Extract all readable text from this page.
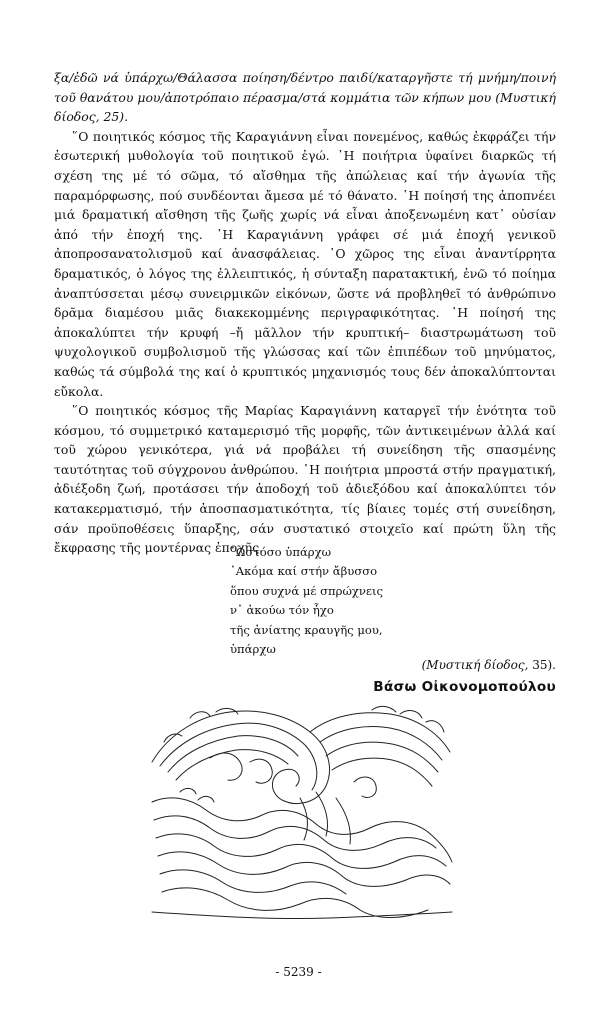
ξα/ἐδῶ νά ὑπάρχω/Θάλασσα ποίηση/δέντρο παιδί/καταργῆστε τή μνήμη/ποινή τοῦ θανάτου μου/ἀποτρόπαιο πέρασμα/στά κομμάτια τῶν κήπων μου (Μυστική δίοδος, 25).

῞Ο ποιητικός κόσμος τῆς Καραγιάννη εἶναι πονεμένος, καθώς ἐκφράζει τήν ἐσωτερική μυθολογία τοῦ ποιητικοῦ ἐγώ. ῾Η ποιήτρια ὑφαίνει διαρκῶς τή σχέση της μέ τό σῶμα, τό αἴσθημα τῆς ἀπώλειας καί τήν ἀγωνία τῆς παραμόρφωσης, πού συνδέονται ἄμεσα μέ τό θάνατο. ῾Η ποίησή της ἀποπνέει μιά δραματική αἴσθηση τῆς ζωῆς χωρίς νά εἶναι ἀποξενωμένη κατ᾽ οὐσίαν ἀπό τήν ἐποχή της. ῾Η Καραγιάννη γράφει σέ μιά ἐποχή γενικοῦ ἀποπροσανατολισμοῦ καί ἀνασφάλειας. ῾Ο χῶρος της εἶναι ἀναντίρρητα δραματικός, ὁ λόγος της ἐλλειπτικός, ἡ σύνταξη παρατακτική, ἐνῶ τό ποίημα ἀναπτύσσεται μέσῳ συνειρμικῶν εἰκόνων, ὥστε νά προβληθεῖ τό ἀνθρώπινο δρᾶμα διαμέσου μιᾶς διακεκομμένης περιγραφικότητας. ῾Η ποίησή της ἀποκαλύπτει τήν κρυφή –ἤ μᾶλλον τήν κρυπτική– διαστρωμάτωση τοῦ ψυχολογικοῦ συμβολισμοῦ τῆς γλώσσας καί τῶν ἐπιπέδων τοῦ μηνύματος, καθώς τά σύμβολά της καί ὁ κρυπτικός μηχανισμός τους δέν ἀποκαλύπτονται εὔκολα.

῞Ο ποιητικός κόσμος τῆς Μαρίας Καραγιάννη καταργεῖ τήν ἑνότητα τοῦ κόσμου, τό συμμετρικό καταμερισμό τῆς μορφῆς, τῶν ἀντικειμένων ἀλλά καί τοῦ χώρου γενικότερα, γιά νά προβάλει τή συνείδηση τῆς σπασμένης ταυτότητας τοῦ σύγχρονου ἀνθρώπου. ῾Η ποιήτρια μπροστά στήν πραγματική, ἀδιέξοδη ζωή, προτάσσει τήν ἀποδοχή τοῦ ἀδιεξόδου καί ἀποκαλύπτει τόν κατακερματισμό, τήν ἀποσπασματικότητα, τίς βίαιες τομές στή συνείδηση, σάν προϋποθέσεις ὕπαρξης, σάν συστατικό στοιχεῖο καί πρώτη ὕλη τῆς ἔκφρασης τῆς μοντέρνας ἐποχῆς.

῾Ωστόσο ὑπάρχω
᾽Ακόμα καί στήν ἄβυσσο
ὅπου συχνά μέ σπρώχνεις
ν᾽ ἀκούω τόν ἦχο
τῆς ἀνίατης κραυγῆς μου,
ὑπάρχω
(Μυστική δίοδος, 35).
Βάσω Οἰκονομοπούλου
- 5239 -
